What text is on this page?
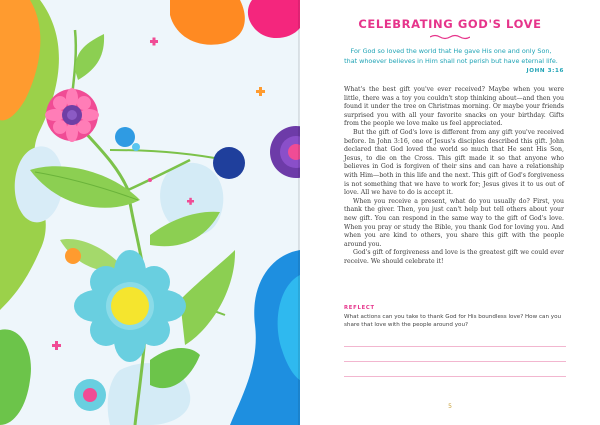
CELEBRATING GOD'S LOVE
For God so loved the world that He gave His one and only Son,
that whoever believes in Him shall not perish but have eternal life.
JOHN 3:16

What's the best gift you've ever received? Maybe when you were little, there was a toy you couldn't stop thinking about—and then you found it under the tree on Christmas morning. Or maybe your friends surprised you with all your favorite snacks on your birthday. Gifts from the people we love make us feel appreciated.

But the gift of God's love is different from any gift you've received before. In John 3:16, one of Jesus's disciples described this gift. John declared that God loved the world so much that He sent His Son, Jesus, to die on the Cross. This gift made it so that anyone who believes in God is forgiven of their sins and can have a relationship with Him—both in this life and the next. This gift of God's forgiveness is not something that we have to work for; Jesus gives it to us out of love. All we have to do is accept it.

When you receive a present, what do you usually do? First, you thank the giver. Then, you just can't help but tell others about your new gift. You can respond in the same way to the gift of God's love. When you pray or study the Bible, you thank God for loving you. And when you are kind to others, you share this gift with the people around you.

God's gift of forgiveness and love is the greatest gift we could ever receive. We should celebrate it!

REFLECT
What actions can you take to thank God for His boundless love? How can you share that love with the people around you?
5
